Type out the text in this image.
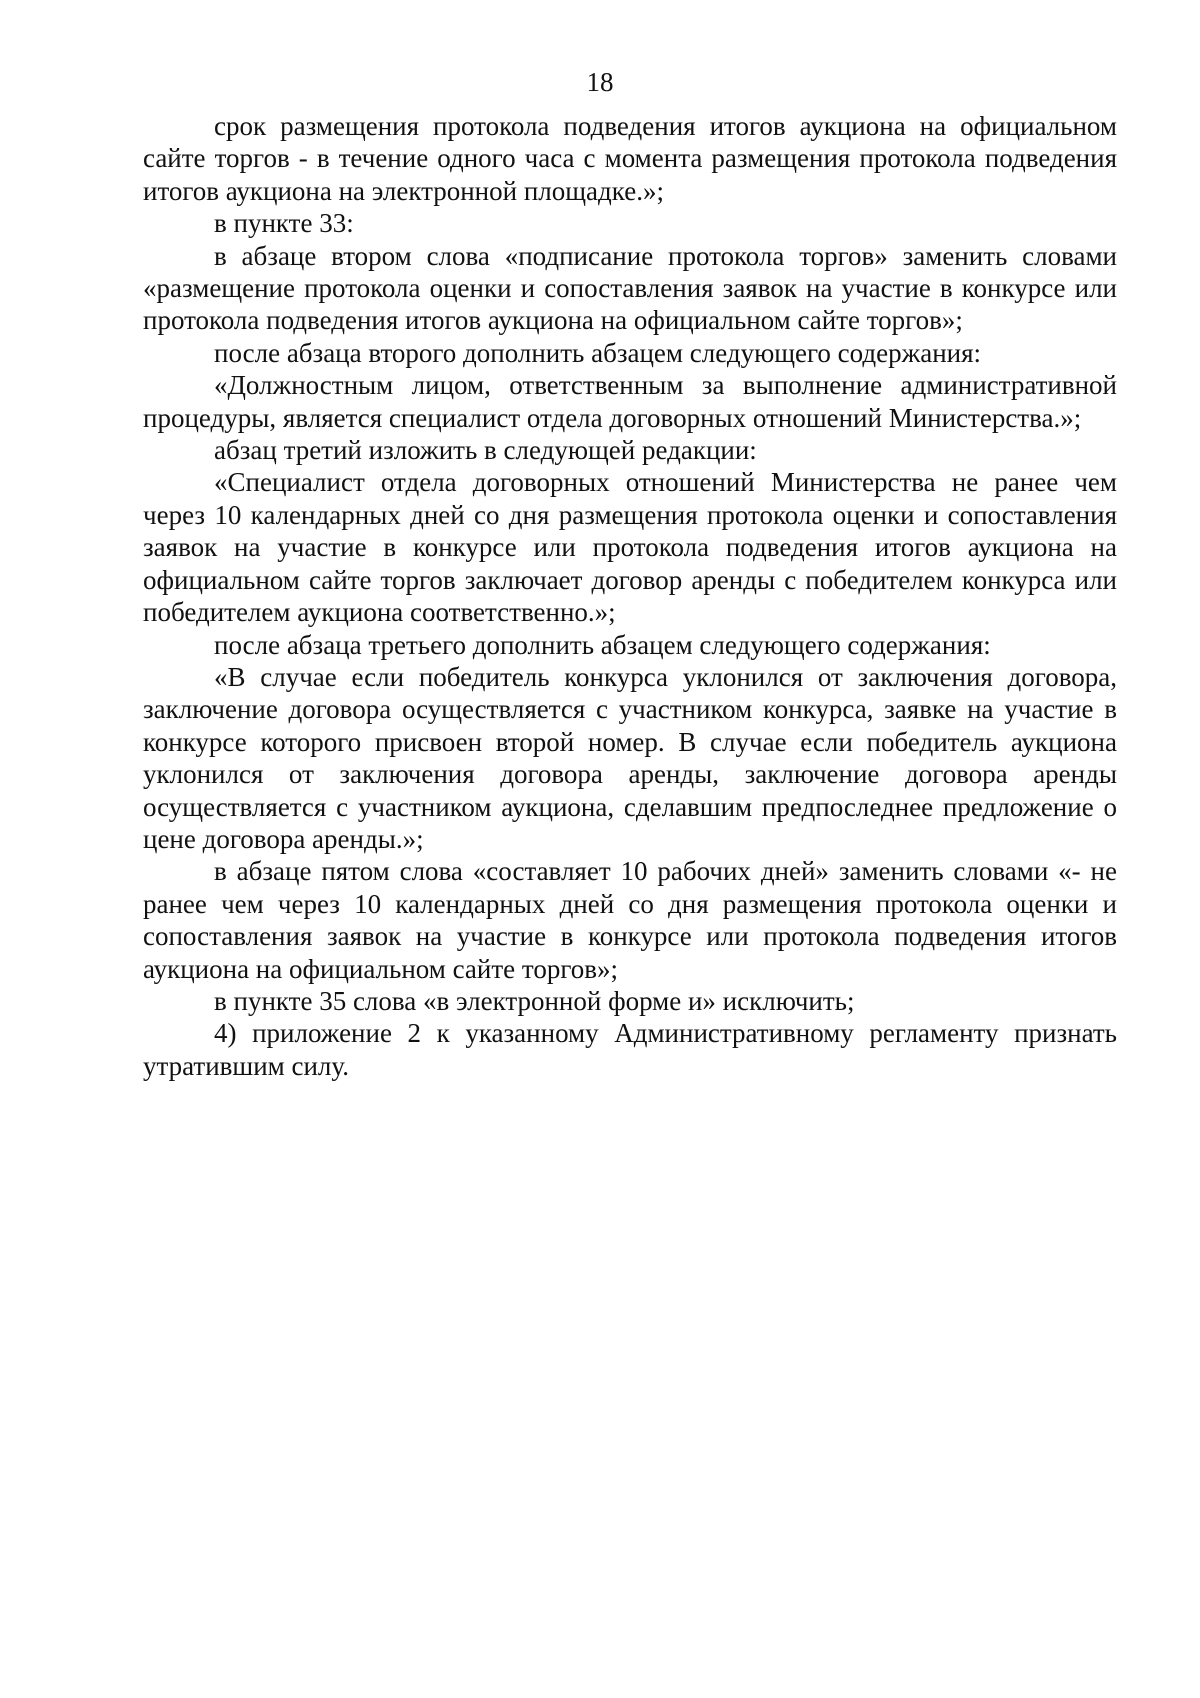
18

срок размещения протокола подведения итогов аукциона на официальном сайте торгов - в течение одного часа с момента размещения протокола подведения итогов аукциона на электронной площадке.»;

в пункте 33:

в абзаце втором слова «подписание протокола торгов» заменить словами «размещение протокола оценки и сопоставления заявок на участие в конкурсе или протокола подведения итогов аукциона на официальном сайте торгов»;

после абзаца второго дополнить абзацем следующего содержания:

«Должностным лицом, ответственным за выполнение административной процедуры, является специалист отдела договорных отношений Министерства.»;

абзац третий изложить в следующей редакции:

«Специалист отдела договорных отношений Министерства не ранее чем через 10 календарных дней со дня размещения протокола оценки и сопоставления заявок на участие в конкурсе или протокола подведения итогов аукциона на официальном сайте торгов заключает договор аренды с победителем конкурса или победителем аукциона соответственно.»;

после абзаца третьего дополнить абзацем следующего содержания:

«В случае если победитель конкурса уклонился от заключения договора, заключение договора осуществляется с участником конкурса, заявке на участие в конкурсе которого присвоен второй номер. В случае если победитель аукциона уклонился от заключения договора аренды, заключение договора аренды осуществляется с участником аукциона, сделавшим предпоследнее предложение о цене договора аренды.»;

в абзаце пятом слова «составляет 10 рабочих дней» заменить словами «- не ранее чем через 10 календарных дней со дня размещения протокола оценки и сопоставления заявок на участие в конкурсе или протокола подведения итогов аукциона на официальном сайте торгов»;

в пункте 35 слова «в электронной форме и» исключить;

4) приложение 2 к указанному Административному регламенту признать утратившим силу.
